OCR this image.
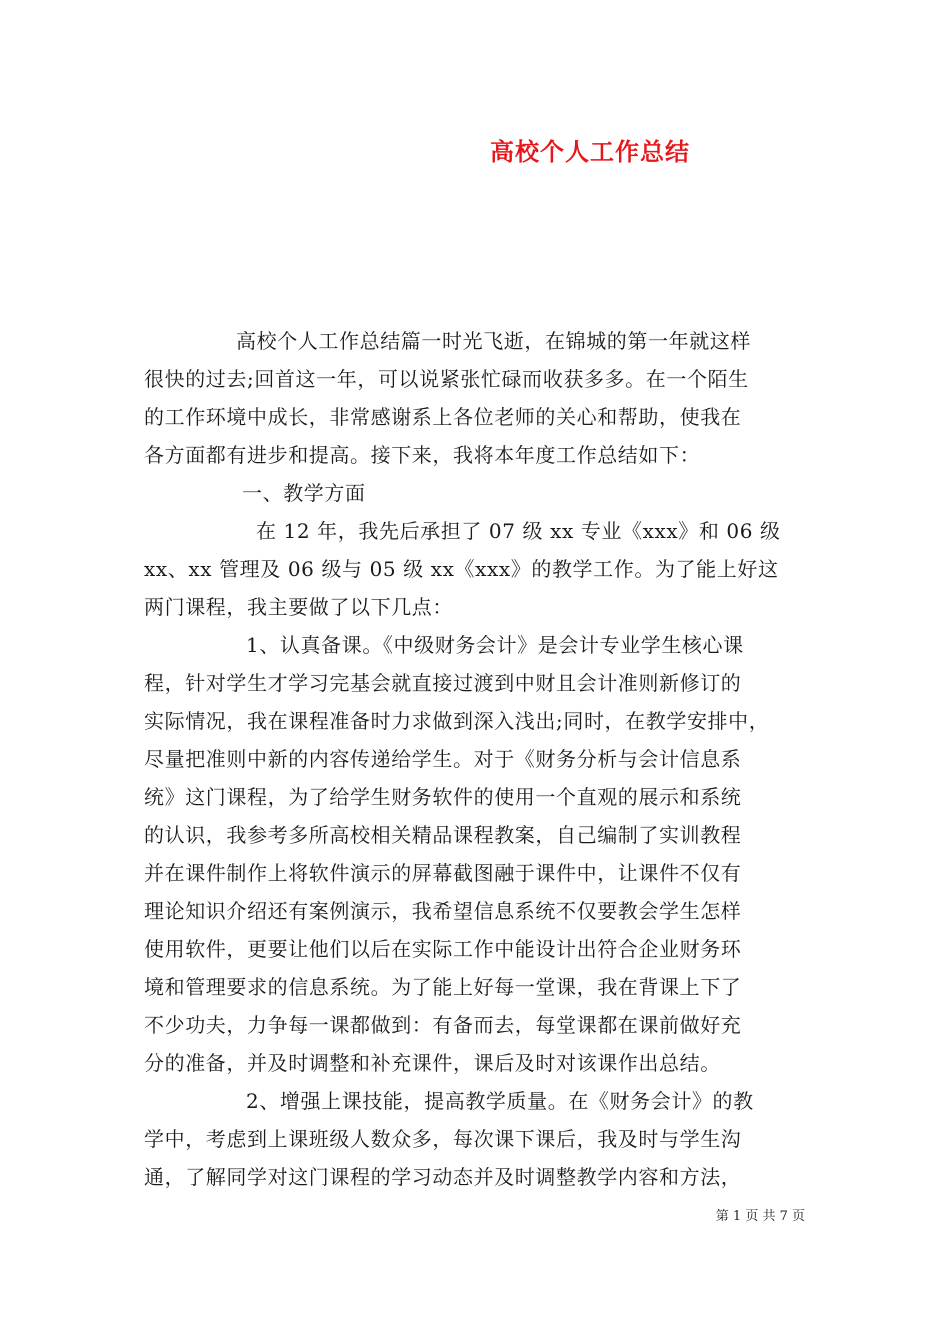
高校个人工作总结
高校个人工作总结篇一时光飞逝，在锦城的第一年就这样
很快的过去;回首这一年，可以说紧张忙碌而收获多多。在一个陌生
的工作环境中成长，非常感谢系上各位老师的关心和帮助，使我在
各方面都有进步和提高。接下来，我将本年度工作总结如下：
一、教学方面
在 12 年，我先后承担了 07 级 xx 专业《xxx》和 06 级
xx、xx 管理及 06 级与 05 级 xx《xxx》的教学工作。为了能上好这
两门课程，我主要做了以下几点：
1、认真备课。《中级财务会计》是会计专业学生核心课
程，针对学生才学习完基会就直接过渡到中财且会计准则新修订的
实际情况，我在课程准备时力求做到深入浅出;同时，在教学安排中，
尽量把准则中新的内容传递给学生。对于《财务分析与会计信息系
统》这门课程，为了给学生财务软件的使用一个直观的展示和系统
的认识，我参考多所高校相关精品课程教案，自己编制了实训教程
并在课件制作上将软件演示的屏幕截图融于课件中，让课件不仅有
理论知识介绍还有案例演示，我希望信息系统不仅要教会学生怎样
使用软件，更要让他们以后在实际工作中能设计出符合企业财务环
境和管理要求的信息系统。为了能上好每一堂课，我在背课上下了
不少功夫，力争每一课都做到：有备而去，每堂课都在课前做好充
分的准备，并及时调整和补充课件，课后及时对该课作出总结。
2、增强上课技能，提高教学质量。在《财务会计》的教
学中，考虑到上课班级人数众多，每次课下课后，我及时与学生沟
通，了解同学对这门课程的学习动态并及时调整教学内容和方法，
第 1 页 共 7 页
